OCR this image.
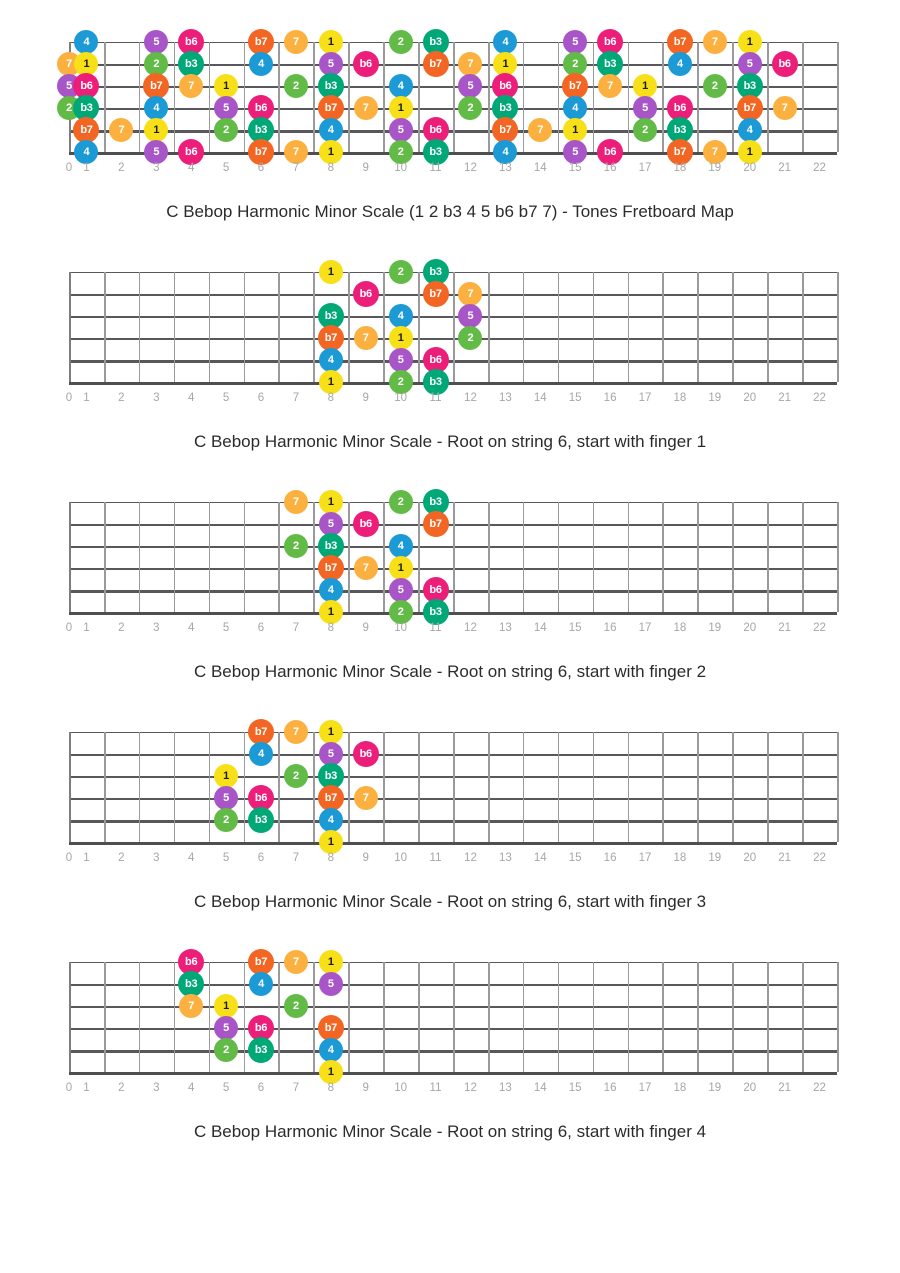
4	5	b6	b7	7	1	2	b3	4	5	b6	b7	7	1
7	1	2	b3	4	5	b6	b7	7	1	2	b3	4	5	b6
5 b6	b7	7	1	2	b3	4	5	b6	b7	7	1	2	b3
2 b3	4	5	b6	b7	7	1	2	b3	4	5	b6	b7	7
b7	7	1	2	b3	4	5	b6	b7	7	1	2	b3	4
4	5	b6	b7	7	1	2	b3	4	5	b6	b7	7	1
0 1 2 3 4 5 6 7 8 9 10 11 12 13 14 15 16 17 18 19 20 21 22
C Bebop Harmonic Minor Scale (1 2 b3 4 5 b6 b7 7) - Tones Fretboard Map
1	2	b3
b6	b7	7
b3	4	5
b7	7	1	2
4	5	b6
1	2	b3
0 1 2 3 4 5 6 7 8 9 10 11 12 13 14 15 16 17 18 19 20 21 22
C Bebop Harmonic Minor Scale - Root on string 6, start with finger 1
7	1	2	b3
5	b6	b7
2	b3	4
b7	7	1
4	5	b6
1	2	b3
0 1 2 3 4 5 6 7 8 9 10 11 12 13 14 15 16 17 18 19 20 21 22
C Bebop Harmonic Minor Scale - Root on string 6, start with finger 2
b7	7	1
4	5	b6
1	2	b3
5	b6	b7	7
2	b3	4
1
0 1 2 3 4 5 6 7 8 9 10 11 12 13 14 15 16 17 18 19 20 21 22
C Bebop Harmonic Minor Scale - Root on string 6, start with finger 3
b6	b7	7	1
b3	4	5
7	1	2
5	b6	b7
2	b3	4
1
0 1 2 3 4 5 6 7 8 9 10 11 12 13 14 15 16 17 18 19 20 21 22
C Bebop Harmonic Minor Scale - Root on string 6, start with finger 4
